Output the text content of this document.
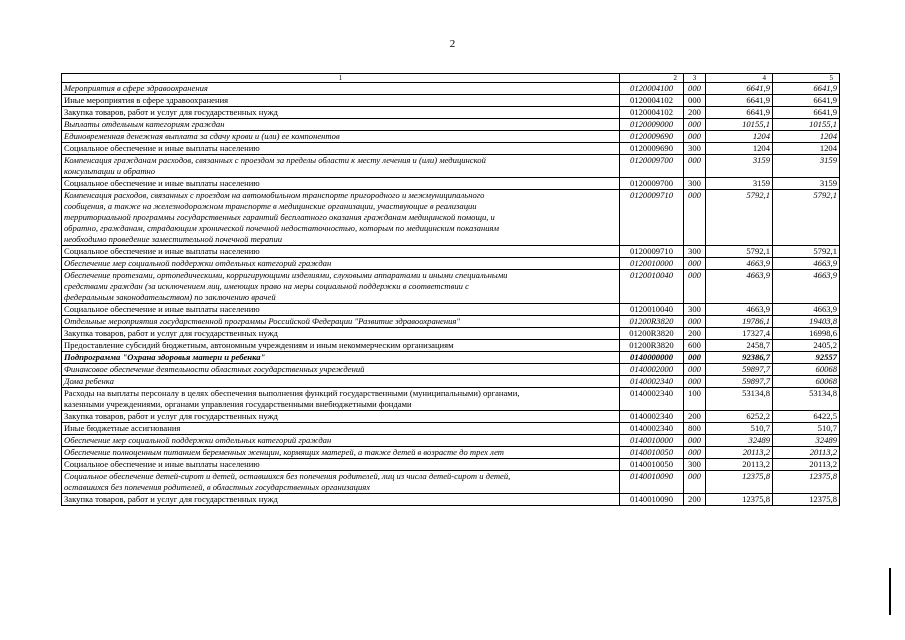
2
1	2	3	4	5

Мероприятия в сфере здравоохранения	0120004100	000	6641,9	6641,9

Иные мероприятия в сфере здравоохранения	0120004102	000	6641,9	6641,9

Закупка товаров, работ и услуг для государственных нужд	0120004102	200	6641,9	6641,9

Выплаты отдельным категориям граждан	0120009000	000	10155,1	10155,1

Единовременная денежная выплата за сдачу крови и (или) ее компонентов	0120009690	000	1204	1204

Социальное обеспечение и иные выплаты населению	0120009690	300	1204	1204

Компенсация гражданам расходов, связанных с проездом за пределы области к месту лечения и (или) медицинской
консультации и обратно	0120009700	000	3159	3159

Социальное обеспечение и иные выплаты населению	0120009700	300	3159	3159

Компенсация расходов, связанных с проездом на автомобильном транспорте пригородного и межмуниципального
сообщения, а также на железнодорожном транспорте в медицинские организации, участвующие в реализации
территориальной программы государственных гарантий бесплатного оказания гражданам медицинской помощи, и
обратно, гражданам, страдающим хронической почечной недостаточностью, которым по медицинским показаниям
необходимо проведение заместительной почечной терапии	0120009710	000	5792,1	5792,1

Социальное обеспечение и иные выплаты населению	0120009710	300	5792,1	5792,1

Обеспечение мер социальной поддержки отдельных категорий граждан	0120010000	000	4663,9	4663,9

Обеспечение протезами, ортопедическими, корригирующими изделиями, слуховыми аппаратами и иными специальными
средствами граждан (за исключением лиц, имеющих право на меры социальной поддержки в соответствии с
федеральным законодательством) по заключению врачей	0120010040	000	4663,9	4663,9

Социальное обеспечение и иные выплаты населению	0120010040	300	4663,9	4663,9

Отдельные мероприятия государственной программы Российской Федерации "Развитие здравоохранения"	01200R3820	000	19786,1	19403,8

Закупка товаров, работ и услуг для государственных нужд	01200R3820	200	17327,4	16998,6

Предоставление субсидий бюджетным, автономным учреждениям и иным некоммерческим организациям	01200R3820	600	2458,7	2405,2

Подпрограмма "Охрана здоровья матери и ребенка"	0140000000	000	92386,7	92557

Финансовое обеспечение деятельности областных государственных учреждений	0140002000	000	59897,7	60068

Дома ребенка	0140002340	000	59897,7	60068

Расходы на выплаты персоналу в целях обеспечения выполнения функций государственными (муниципальными) органами,
казенными учреждениями, органами управления государственными внебюджетными фондами	0140002340	100	53134,8	53134,8

Закупка товаров, работ и услуг для государственных нужд	0140002340	200	6252,2	6422,5

Иные бюджетные ассигнования	0140002340	800	510,7	510,7

Обеспечение мер социальной поддержки отдельных категорий граждан	0140010000	000	32489	32489

Обеспечение полноценным питанием беременных женщин, кормящих матерей, а также детей в возрасте до трех лет	0140010050	000	20113,2	20113,2

Социальное обеспечение и иные выплаты населению	0140010050	300	20113,2	20113,2

Социальное обеспечение детей-сирот и детей, оставшихся без попечения родителей, лиц из числа детей-сирот и детей,
оставшихся без попечения родителей, в областных государственных организациях	0140010090	000	12375,8	12375,8

Закупка товаров, работ и услуг для государственных нужд	0140010090	200	12375,8	12375,8
